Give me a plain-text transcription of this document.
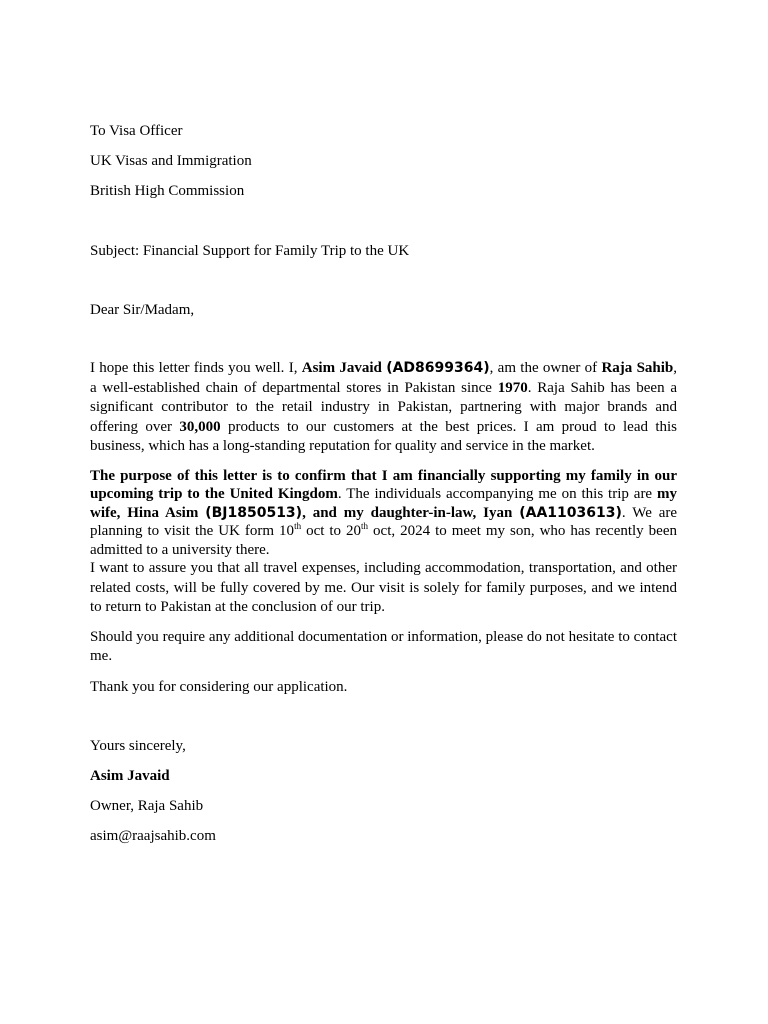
To Visa Officer
UK Visas and Immigration
British High Commission
Subject: Financial Support for Family Trip to the UK
Dear Sir/Madam,

I hope this letter finds you well. I, Asim Javaid (AD8699364), am the owner of Raja Sahib, a well-established chain of departmental stores in Pakistan since 1970. Raja Sahib has been a significant contributor to the retail industry in Pakistan, partnering with major brands and offering over 30,000 products to our customers at the best prices. I am proud to lead this business, which has a long-standing reputation for quality and service in the market.

The purpose of this letter is to confirm that I am financially supporting my family in our upcoming trip to the United Kingdom. The individuals accompanying me on this trip are my wife, Hina Asim (BJ1850513), and my daughter-in-law, Iyan (AA1103613). We are planning to visit the UK form 10th oct to 20th oct, 2024 to meet my son, who has recently been admitted to a university there.

I want to assure you that all travel expenses, including accommodation, transportation, and other related costs, will be fully covered by me. Our visit is solely for family purposes, and we intend to return to Pakistan at the conclusion of our trip.

Should you require any additional documentation or information, please do not hesitate to contact me.

Thank you for considering our application.
Yours sincerely,
Asim Javaid
Owner, Raja Sahib
asim@raajsahib.com
